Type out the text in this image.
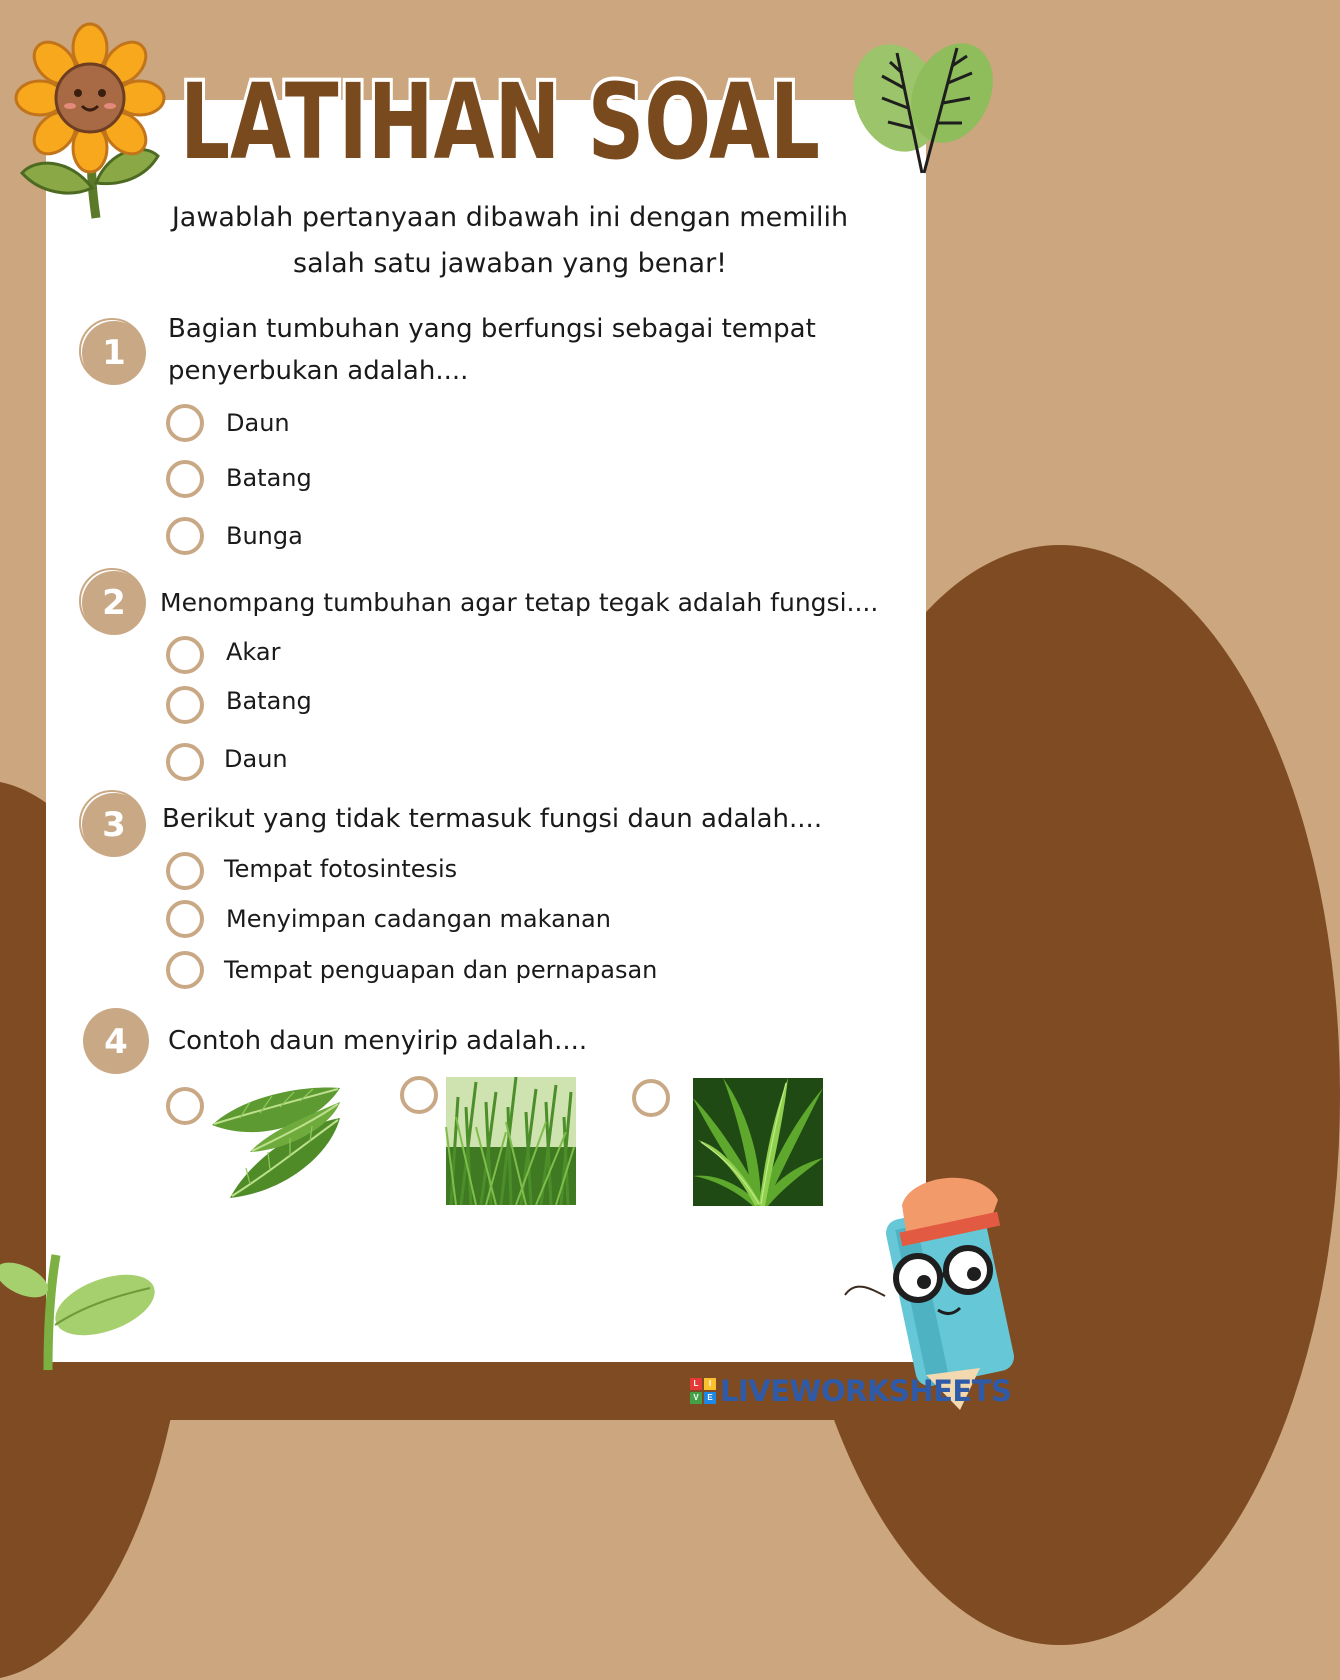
LATIHAN SOAL
Jawablah pertanyaan dibawah ini dengan memilih
salah satu jawaban yang benar!
1
Bagian tumbuhan yang berfungsi sebagai tempat
penyerbukan adalah....
Daun
Batang
Bunga
2 Menompang tumbuhan agar tetap tegak adalah fungsi....
Akar
Batang
Daun
3 Berikut yang tidak termasuk fungsi daun adalah....
Tempat fotosintesis
Menyimpan cadangan makanan
Tempat penguapan dan pernapasan
4 Contoh daun menyirip adalah....
L	I
V	E LIVEWORKSHEETS
